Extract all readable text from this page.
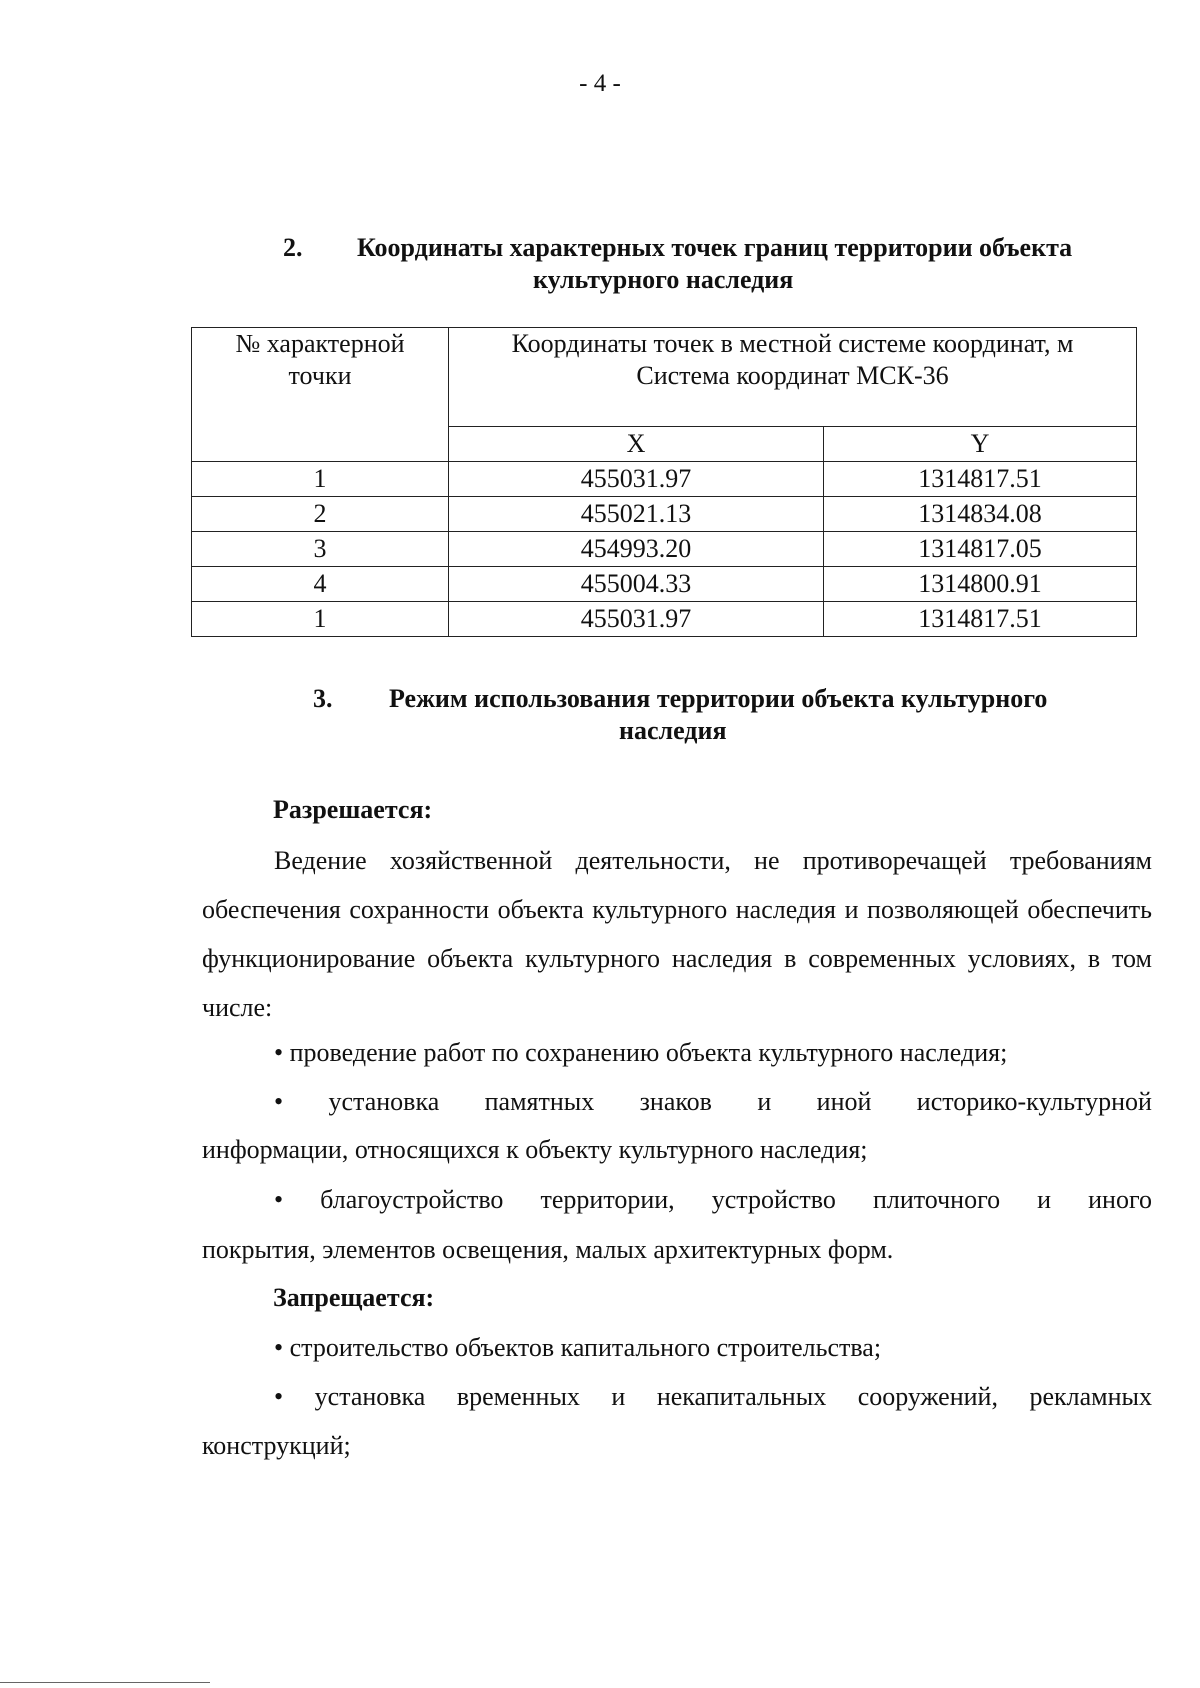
- 4 -
2. Координаты характерных точек границ территории объекта
культурного наследия
№ характерной точки	Координаты точек в местной системе координат, м
Система координат МСК-36	

	X	Y
1	455031.97	1314817.51
2	455021.13	1314834.08
3	454993.20	1314817.05
4	455004.33	1314800.91
1	455031.97	1314817.51
3. Режим использования территории объекта культурного
наследия
Разрешается:
Ведение хозяйственной деятельности, не противоречащей требованиям обеспечения сохранности объекта культурного наследия и позволяющей обеспечить функционирование объекта культурного наследия в современных условиях, в том числе:
• проведение работ по сохранению объекта культурного наследия;
• установка памятных знаков и иной историко-культурной
информации, относящихся к объекту культурного наследия;
• благоустройство территории, устройство плиточного и иного
покрытия, элементов освещения, малых архитектурных форм.
Запрещается:
• строительство объектов капитального строительства;
• установка временных и некапитальных сооружений, рекламных
конструкций;
